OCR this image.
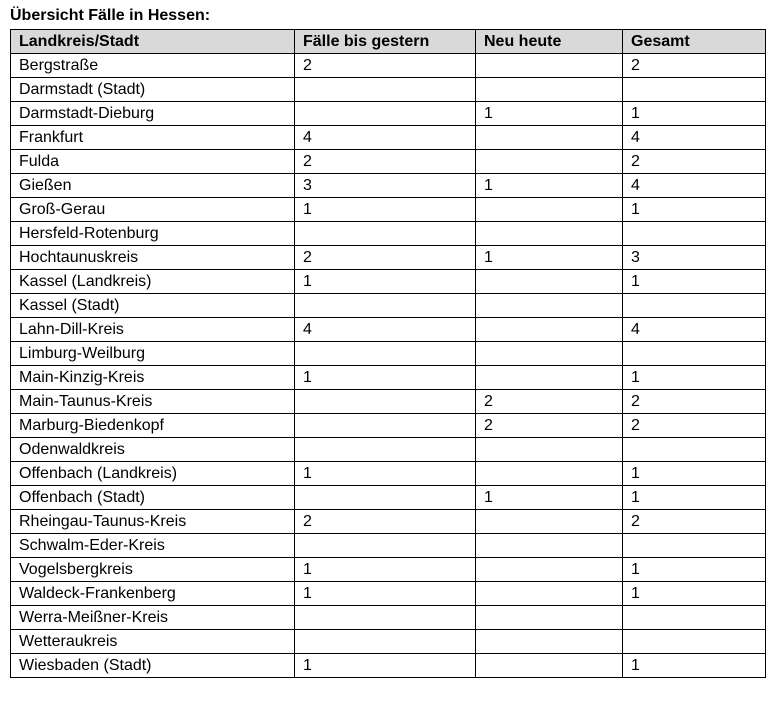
Übersicht Fälle in Hessen:
Landkreis/Stadt	Fälle bis gestern	Neu heute	Gesamt
Bergstraße	2		2
Darmstadt (Stadt)			
Darmstadt-Dieburg		1	1
Frankfurt	4		4
Fulda	2		2
Gießen	3	1	4
Groß-Gerau	1		1
Hersfeld-Rotenburg			
Hochtaunuskreis	2	1	3
Kassel (Landkreis)	1		1
Kassel (Stadt)			
Lahn-Dill-Kreis	4		4
Limburg-Weilburg			
Main-Kinzig-Kreis	1		1
Main-Taunus-Kreis		2	2
Marburg-Biedenkopf		2	2
Odenwaldkreis			
Offenbach (Landkreis)	1		1
Offenbach (Stadt)		1	1
Rheingau-Taunus-Kreis	2		2
Schwalm-Eder-Kreis			
Vogelsbergkreis	1		1
Waldeck-Frankenberg	1		1
Werra-Meißner-Kreis			
Wetteraukreis			
Wiesbaden (Stadt)	1		1
